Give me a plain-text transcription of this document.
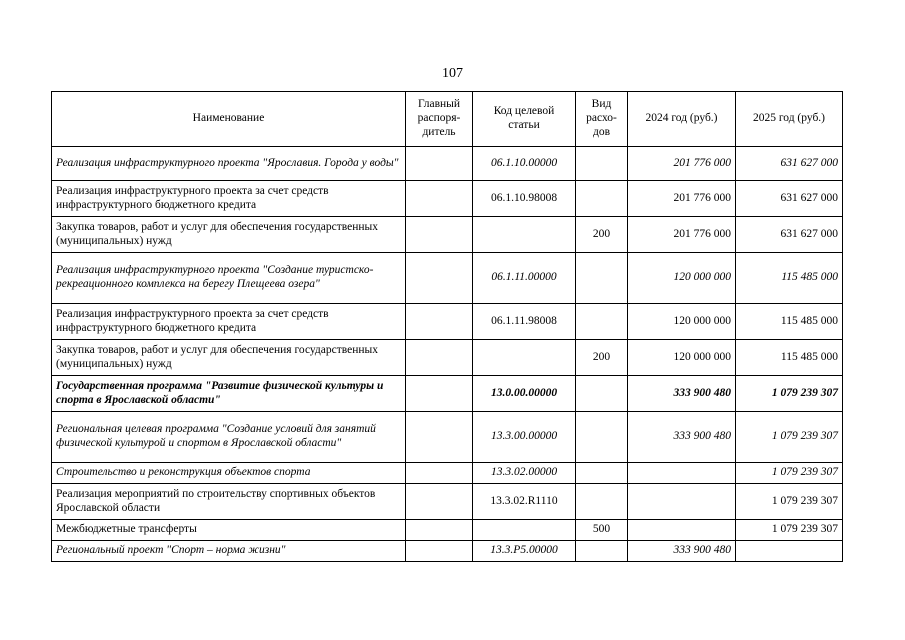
107
Наименование	Главный распоря-дитель	Код целевой статьи	Вид расхо-дов	2024 год (руб.)	2025 год (руб.)
Реализация инфраструктурного проекта "Ярославия. Города у воды"		06.1.10.00000		201 776 000	631 627 000
Реализация инфраструктурного проекта за счет средств инфраструктурного бюджетного кредита		06.1.10.98008		201 776 000	631 627 000
Закупка товаров, работ и услуг для обеспечения государственных (муниципальных) нужд			200	201 776 000	631 627 000
Реализация инфраструктурного проекта "Создание туристско-рекреационного комплекса на берегу Плещеева озера"		06.1.11.00000		120 000 000	115 485 000
Реализация инфраструктурного проекта за счет средств инфраструктурного бюджетного кредита		06.1.11.98008		120 000 000	115 485 000
Закупка товаров, работ и услуг для обеспечения государственных (муниципальных) нужд			200	120 000 000	115 485 000
Государственная программа "Развитие физической культуры и спорта в Ярославской области"		13.0.00.00000		333 900 480	1 079 239 307
Региональная целевая программа "Создание условий для занятий физической культурой и спортом в Ярославской области"		13.3.00.00000		333 900 480	1 079 239 307
Строительство и реконструкция объектов спорта		13.3.02.00000			1 079 239 307
Реализация мероприятий по строительству спортивных объектов Ярославской области		13.3.02.R1110			1 079 239 307
Межбюджетные трансферты			500		1 079 239 307
Региональный проект "Спорт – норма жизни"		13.3.P5.00000		333 900 480	
